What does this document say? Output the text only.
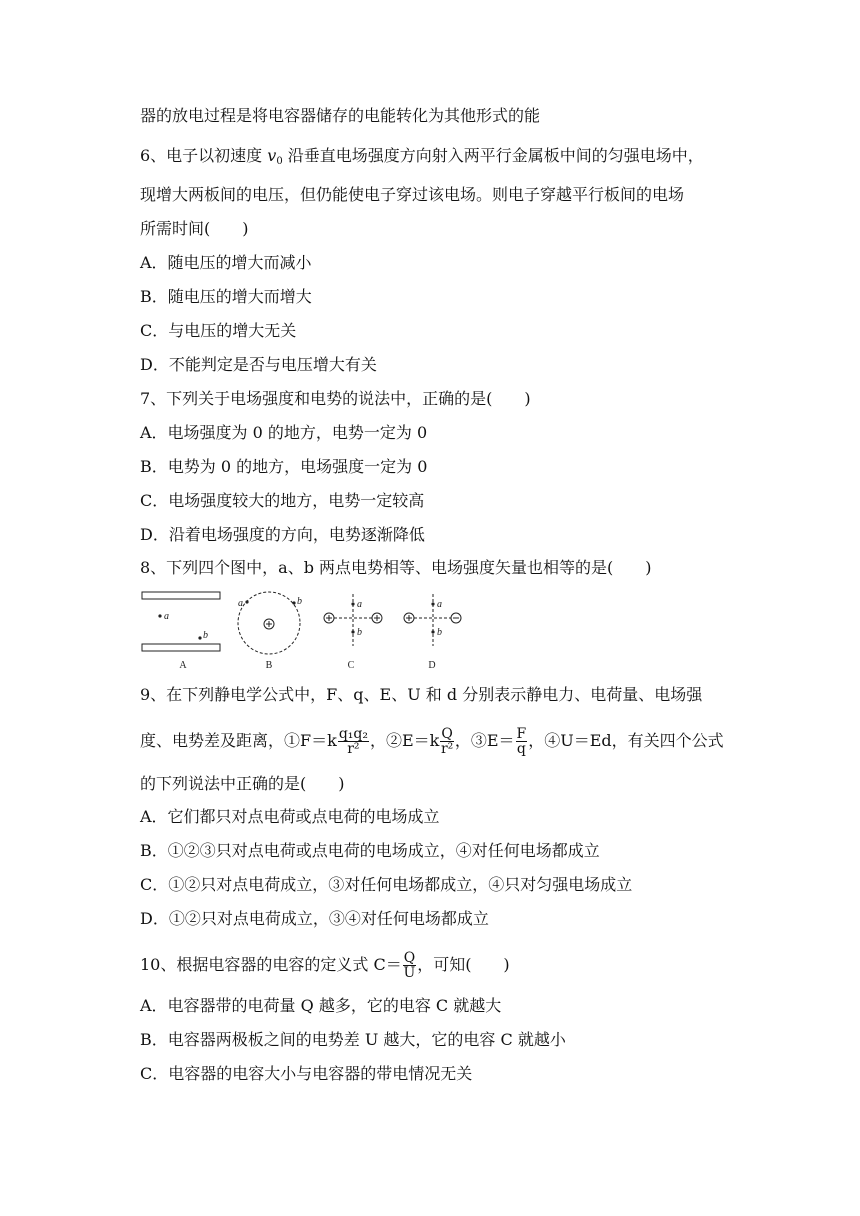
器的放电过程是将电容器储存的电能转化为其他形式的能
6、电子以初速度 $v_0$ 沿垂直电场强度方向射入两平行金属板中间的匀强电场中，
现增大两板间的电压，但仍能使电子穿过该电场。则电子穿越平行板间的电场
所需时间(　　)
A．随电压的增大而减小
B．随电压的增大而增大
C．与电压的增大无关
D．不能判定是否与电压增大有关
7、下列关于电场强度和电势的说法中，正确的是(　　)
A．电场强度为 0 的地方，电势一定为 0
B．电势为 0 的地方，电场强度一定为 0
C．电场强度较大的地方，电势一定较高
D．沿着电场强度的方向，电势逐渐降低
8、下列四个图中，a、b 两点电势相等、电场强度矢量也相等的是(　　)
a
b
a	b	a
b
a
b
A	B	C	D
9、在下列静电学公式中，F、q、E、U 和 d 分别表示静电力、电荷量、电场强
度、电势差及距离，①F＝k $\frac{\text{q₁q₂}}{\text{r²}}$ ，②E＝k $\frac{Q}{\text{r²}}$ ，③E＝ $\frac{F}{q}$ ，④U＝Ed，有关四个公式
的下列说法中正确的是(　　)
A．它们都只对点电荷或点电荷的电场成立
B．①②③只对点电荷或点电荷的电场成立，④对任何电场都成立
C．①②只对点电荷成立，③对任何电场都成立，④只对匀强电场成立
D．①②只对点电荷成立，③④对任何电场都成立
10、根据电容器的电容的定义式 $C= \frac{Q}{U}$ ，可知(　　)
A．电容器带的电荷量 Q 越多，它的电容 C 就越大
B．电容器两极板之间的电势差 U 越大，它的电容 C 就越小
C．电容器的电容大小与电容器的带电情况无关
